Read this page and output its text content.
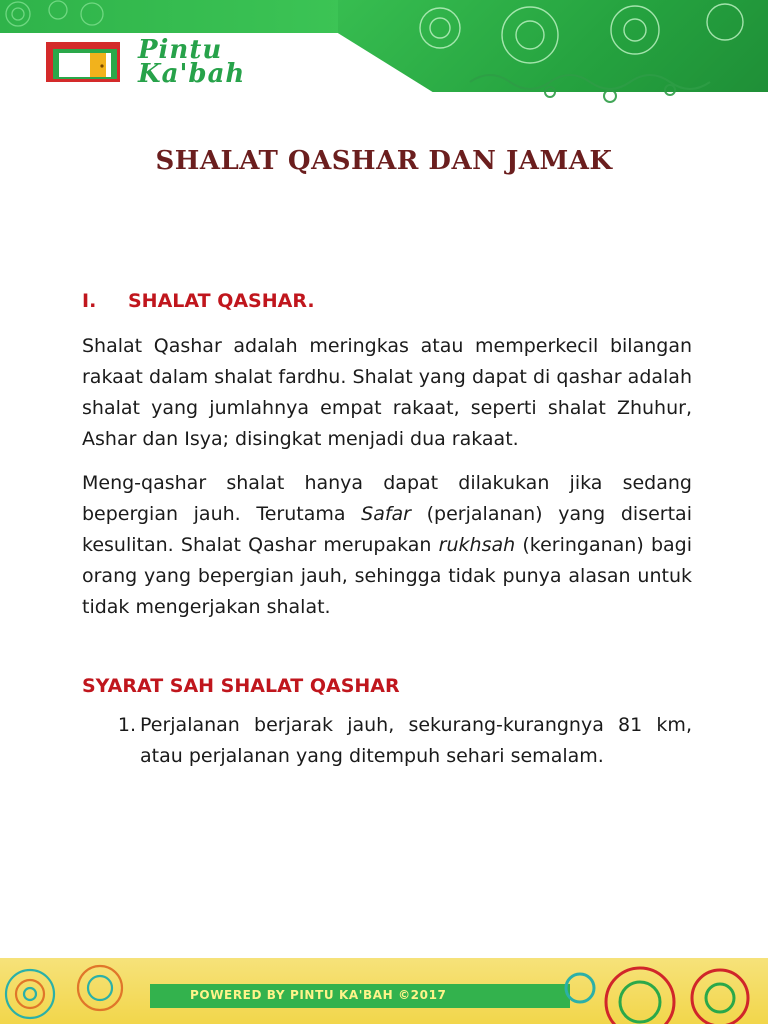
Pintu
Ka'bah
SHALAT QASHAR DAN JAMAK
I.	SHALAT QASHAR.

Shalat Qashar adalah meringkas atau memperkecil bilangan rakaat dalam shalat fardhu. Shalat yang dapat di qashar adalah shalat yang jumlahnya empat rakaat, seperti shalat Zhuhur, Ashar dan Isya; disingkat menjadi dua rakaat.

Meng-qashar shalat hanya dapat dilakukan jika sedang bepergian jauh. Terutama Safar (perjalanan) yang disertai kesulitan. Shalat Qashar merupakan rukhsah (keringanan) bagi orang yang bepergian jauh, sehingga tidak punya alasan untuk tidak mengerjakan shalat.

SYARAT SAH SHALAT QASHAR
1. Perjalanan berjarak jauh, sekurang-kurangnya 81 km, atau perjalanan yang ditempuh sehari semalam.
POWERED BY PINTU KA'BAH ©2017
